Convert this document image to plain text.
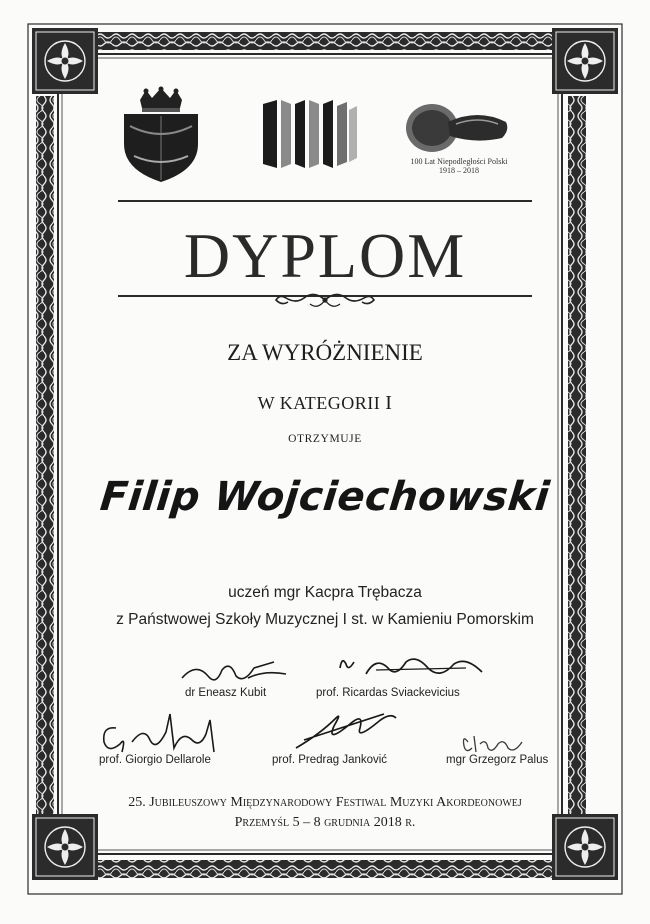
100 Lat Niepodległości Polski 1918 – 2018
DYPLOM
ZA WYRÓŻNIENIE
W KATEGORII I
OTRZYMUJE
Filip Wojciechowski
uczeń mgr Kacpra Trębacza
z Państwowej Szkoły Muzycznej I st. w Kamieniu Pomorskim
dr Eneasz Kubit	prof. Ricardas Sviackevicius
prof. Giorgio Dellarole	prof. Predrag Janković	mgr Grzegorz Palus
25. Jubileuszowy Międzynarodowy Festiwal Muzyki Akordeonowej
Przemyśl 5 – 8 grudnia 2018 r.
